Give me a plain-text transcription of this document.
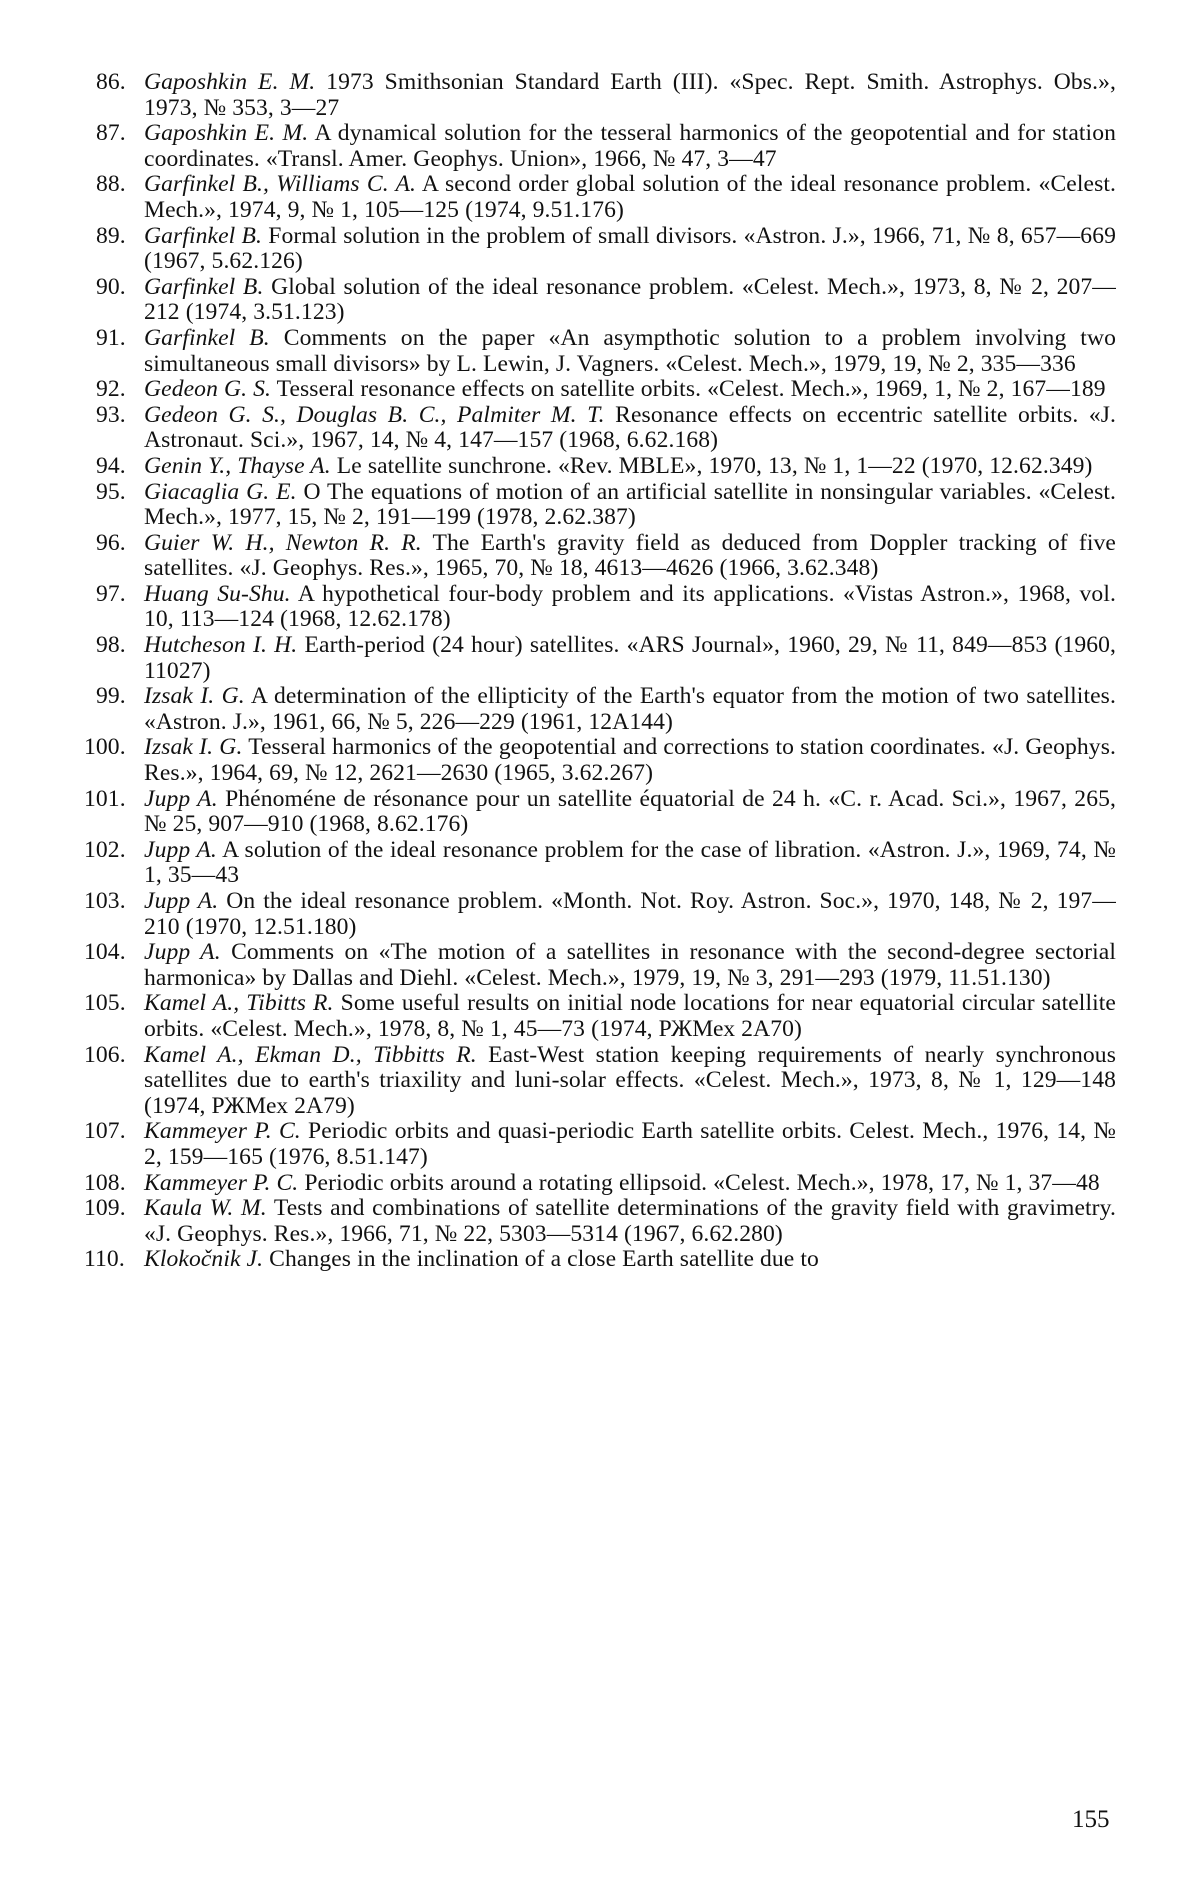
86. Gaposhkin E. M. 1973 Smithsonian Standard Earth (III). «Spec. Rept. Smith. Astrophys. Obs.», 1973, № 353, 3—27
87. Gaposhkin E. M. A dynamical solution for the tesseral harmonics of the geopotential and for station coordinates. «Transl. Amer. Geophys. Union», 1966, № 47, 3—47
88. Garfinkel B., Williams C. A. A second order global solution of the ideal resonance problem. «Celest. Mech.», 1974, 9, № 1, 105—125 (1974, 9.51.176)
89. Garfinkel B. Formal solution in the problem of small divisors. «Astron. J.», 1966, 71, № 8, 657—669 (1967, 5.62.126)
90. Garfinkel B. Global solution of the ideal resonance problem. «Celest. Mech.», 1973, 8, № 2, 207—212 (1974, 3.51.123)
91. Garfinkel B. Comments on the paper «An asympthotic solution to a problem involving two simultaneous small divisors» by L. Lewin, J. Vagners. «Celest. Mech.», 1979, 19, № 2, 335—336
92. Gedeon G. S. Tesseral resonance effects on satellite orbits. «Celest. Mech.», 1969, 1, № 2, 167—189
93. Gedeon G. S., Douglas B. C., Palmiter M. T. Resonance effects on eccentric satellite orbits. «J. Astronaut. Sci.», 1967, 14, № 4, 147—157 (1968, 6.62.168)
94. Genin Y., Thayse A. Le satellite sunchrone. «Rev. MBLE», 1970, 13, № 1, 1—22 (1970, 12.62.349)
95. Giacaglia G. E. O The equations of motion of an artificial satellite in nonsingular variables. «Celest. Mech.», 1977, 15, № 2, 191—199 (1978, 2.62.387)
96. Guier W. H., Newton R. R. The Earth's gravity field as deduced from Doppler tracking of five satellites. «J. Geophys. Res.», 1965, 70, № 18, 4613—4626 (1966, 3.62.348)
97. Huang Su-Shu. A hypothetical four-body problem and its applications. «Vistas Astron.», 1968, vol. 10, 113—124 (1968, 12.62.178)
98. Hutcheson I. H. Earth-period (24 hour) satellites. «ARS Journal», 1960, 29, № 11, 849—853 (1960, 11027)
99. Izsak I. G. A determination of the ellipticity of the Earth's equator from the motion of two satellites. «Astron. J.», 1961, 66, № 5, 226—229 (1961, 12A144)
100. Izsak I. G. Tesseral harmonics of the geopotential and corrections to station coordinates. «J. Geophys. Res.», 1964, 69, № 12, 2621—2630 (1965, 3.62.267)
101. Jupp A. Phénoméne de résonance pour un satellite équatorial de 24 h. «C. r. Acad. Sci.», 1967, 265, № 25, 907—910 (1968, 8.62.176)
102. Jupp A. A solution of the ideal resonance problem for the case of libration. «Astron. J.», 1969, 74, № 1, 35—43
103. Jupp A. On the ideal resonance problem. «Month. Not. Roy. Astron. Soc.», 1970, 148, № 2, 197—210 (1970, 12.51.180)
104. Jupp A. Comments on «The motion of a satellites in resonance with the second-degree sectorial harmonica» by Dallas and Diehl. «Celest. Mech.», 1979, 19, № 3, 291—293 (1979, 11.51.130)
105. Kamel A., Tibitts R. Some useful results on initial node locations for near equatorial circular satellite orbits. «Celest. Mech.», 1978, 8, № 1, 45—73 (1974, РЖМех 2A70)
106. Kamel A., Ekman D., Tibbitts R. East-West station keeping requirements of nearly synchronous satellites due to earth's triaxility and luni-solar effects. «Celest. Mech.», 1973, 8, № 1, 129—148 (1974, РЖМех 2A79)
107. Kammeyer P. C. Periodic orbits and quasi-periodic Earth satellite orbits. Celest. Mech., 1976, 14, № 2, 159—165 (1976, 8.51.147)
108. Kammeyer P. C. Periodic orbits around a rotating ellipsoid. «Celest. Mech.», 1978, 17, № 1, 37—48
109. Kaula W. M. Tests and combinations of satellite determinations of the gravity field with gravimetry. «J. Geophys. Res.», 1966, 71, № 22, 5303—5314 (1967, 6.62.280)
110. Klokočnik J. Changes in the inclination of a close Earth satellite due to
155
